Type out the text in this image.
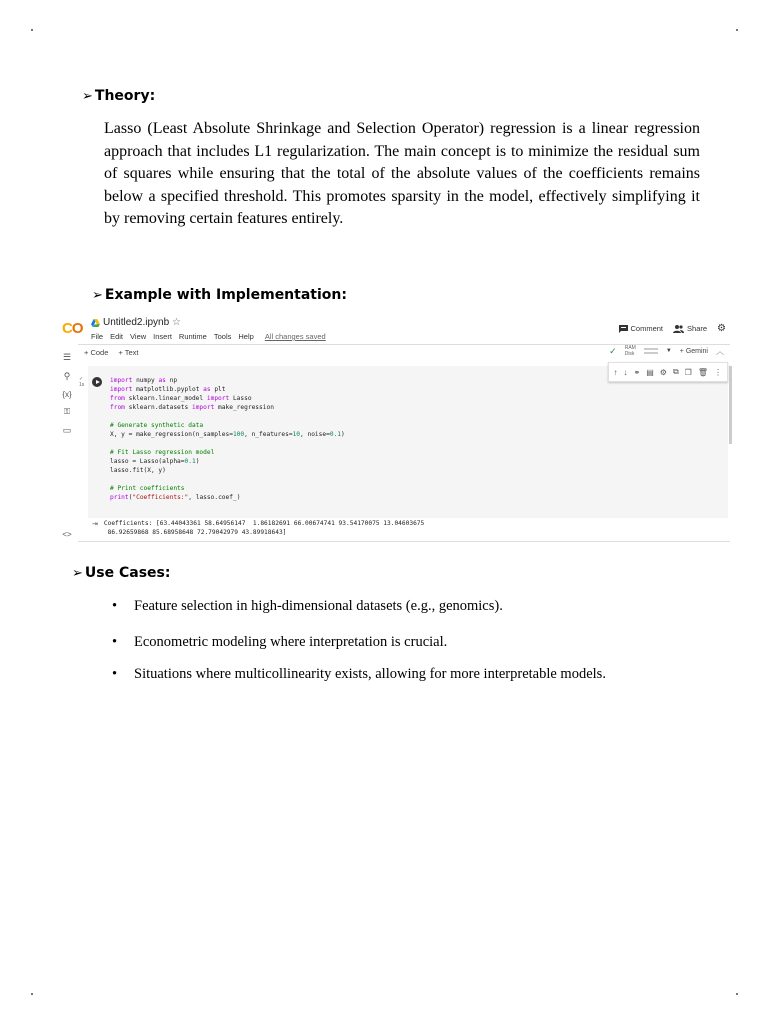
➢ Theory:
Lasso (Least Absolute Shrinkage and Selection Operator) regression is a linear regression approach that includes L1 regularization. The main concept is to minimize the residual sum of squares while ensuring that the total of the absolute values of the coefficients remains below a specified threshold. This promotes sparsity in the model, effectively simplifying it by removing certain features entirely.
➢ Example with Implementation:
CO Untitled2.ipynb ☆
File Edit View Insert Runtime Tools Help All changes saved
Comment	Share ⚙
+ Code + Text	✓ RAM
Disk	▼ + Gemini ︿
☰
⚲
{x}
⚿
▭
<>
↑ ↓ ⚭ ▤ ⚙ ⧉ ❐ 🗑 ⋮
✓
1s
import numpy as np
import matplotlib.pyplot as plt
from sklearn.linear_model import Lasso
from sklearn.datasets import make_regression

# Generate synthetic data
X, y = make_regression(n_samples=100, n_features=10, noise=0.1)

# Fit Lasso regression model
lasso = Lasso(alpha=0.1)
lasso.fit(X, y)

# Print coefficients
print("Coefficients:", lasso.coef_)
⇥ Coefficients: [63.44043361 58.64956147  1.86182691 66.00674741 93.54170075 13.04603675
86.92659868 85.68958648 72.79042979 43.89918643]
➢ Use Cases:
•	Feature selection in high-dimensional datasets (e.g., genomics).
•	Econometric modeling where interpretation is crucial.
•	Situations where multicollinearity exists, allowing for more interpretable models.
